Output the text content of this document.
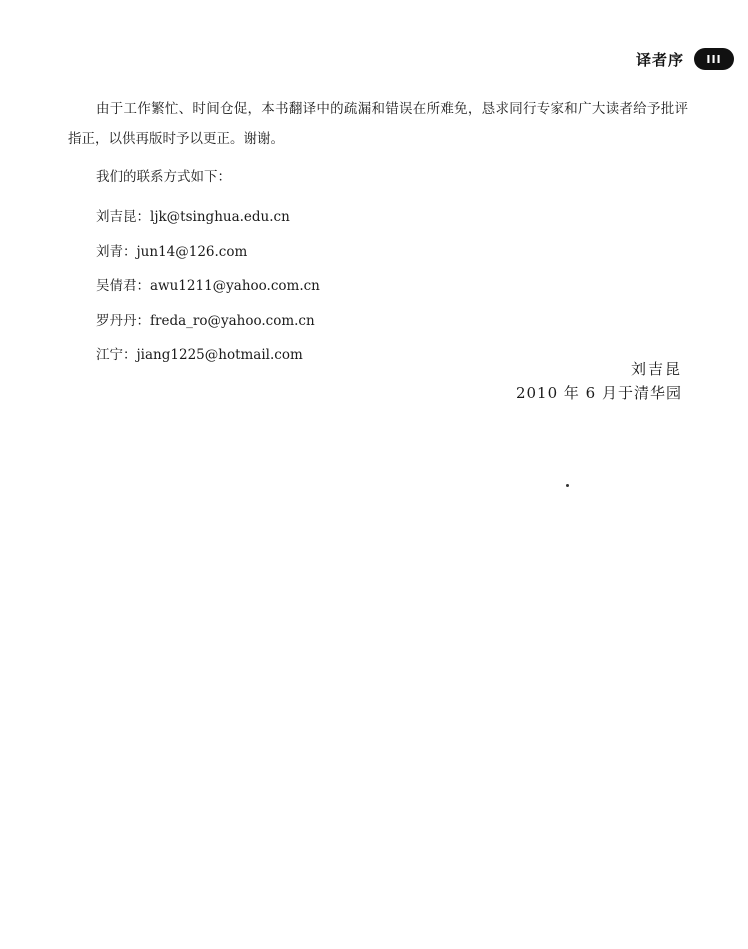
译者序	III

由于工作繁忙、时间仓促，本书翻译中的疏漏和错误在所难免，恳求同行专家和广大读者给予批评指正，以供再版时予以更正。谢谢。

我们的联系方式如下：

刘吉昆：ljk@tsinghua.edu.cn
刘青：jun14@126.com
吴倩君：awu1211@yahoo.com.cn
罗丹丹：freda_ro@yahoo.com.cn
江宁：jiang1225@hotmail.com
刘吉昆
2010 年 6 月于清华园
